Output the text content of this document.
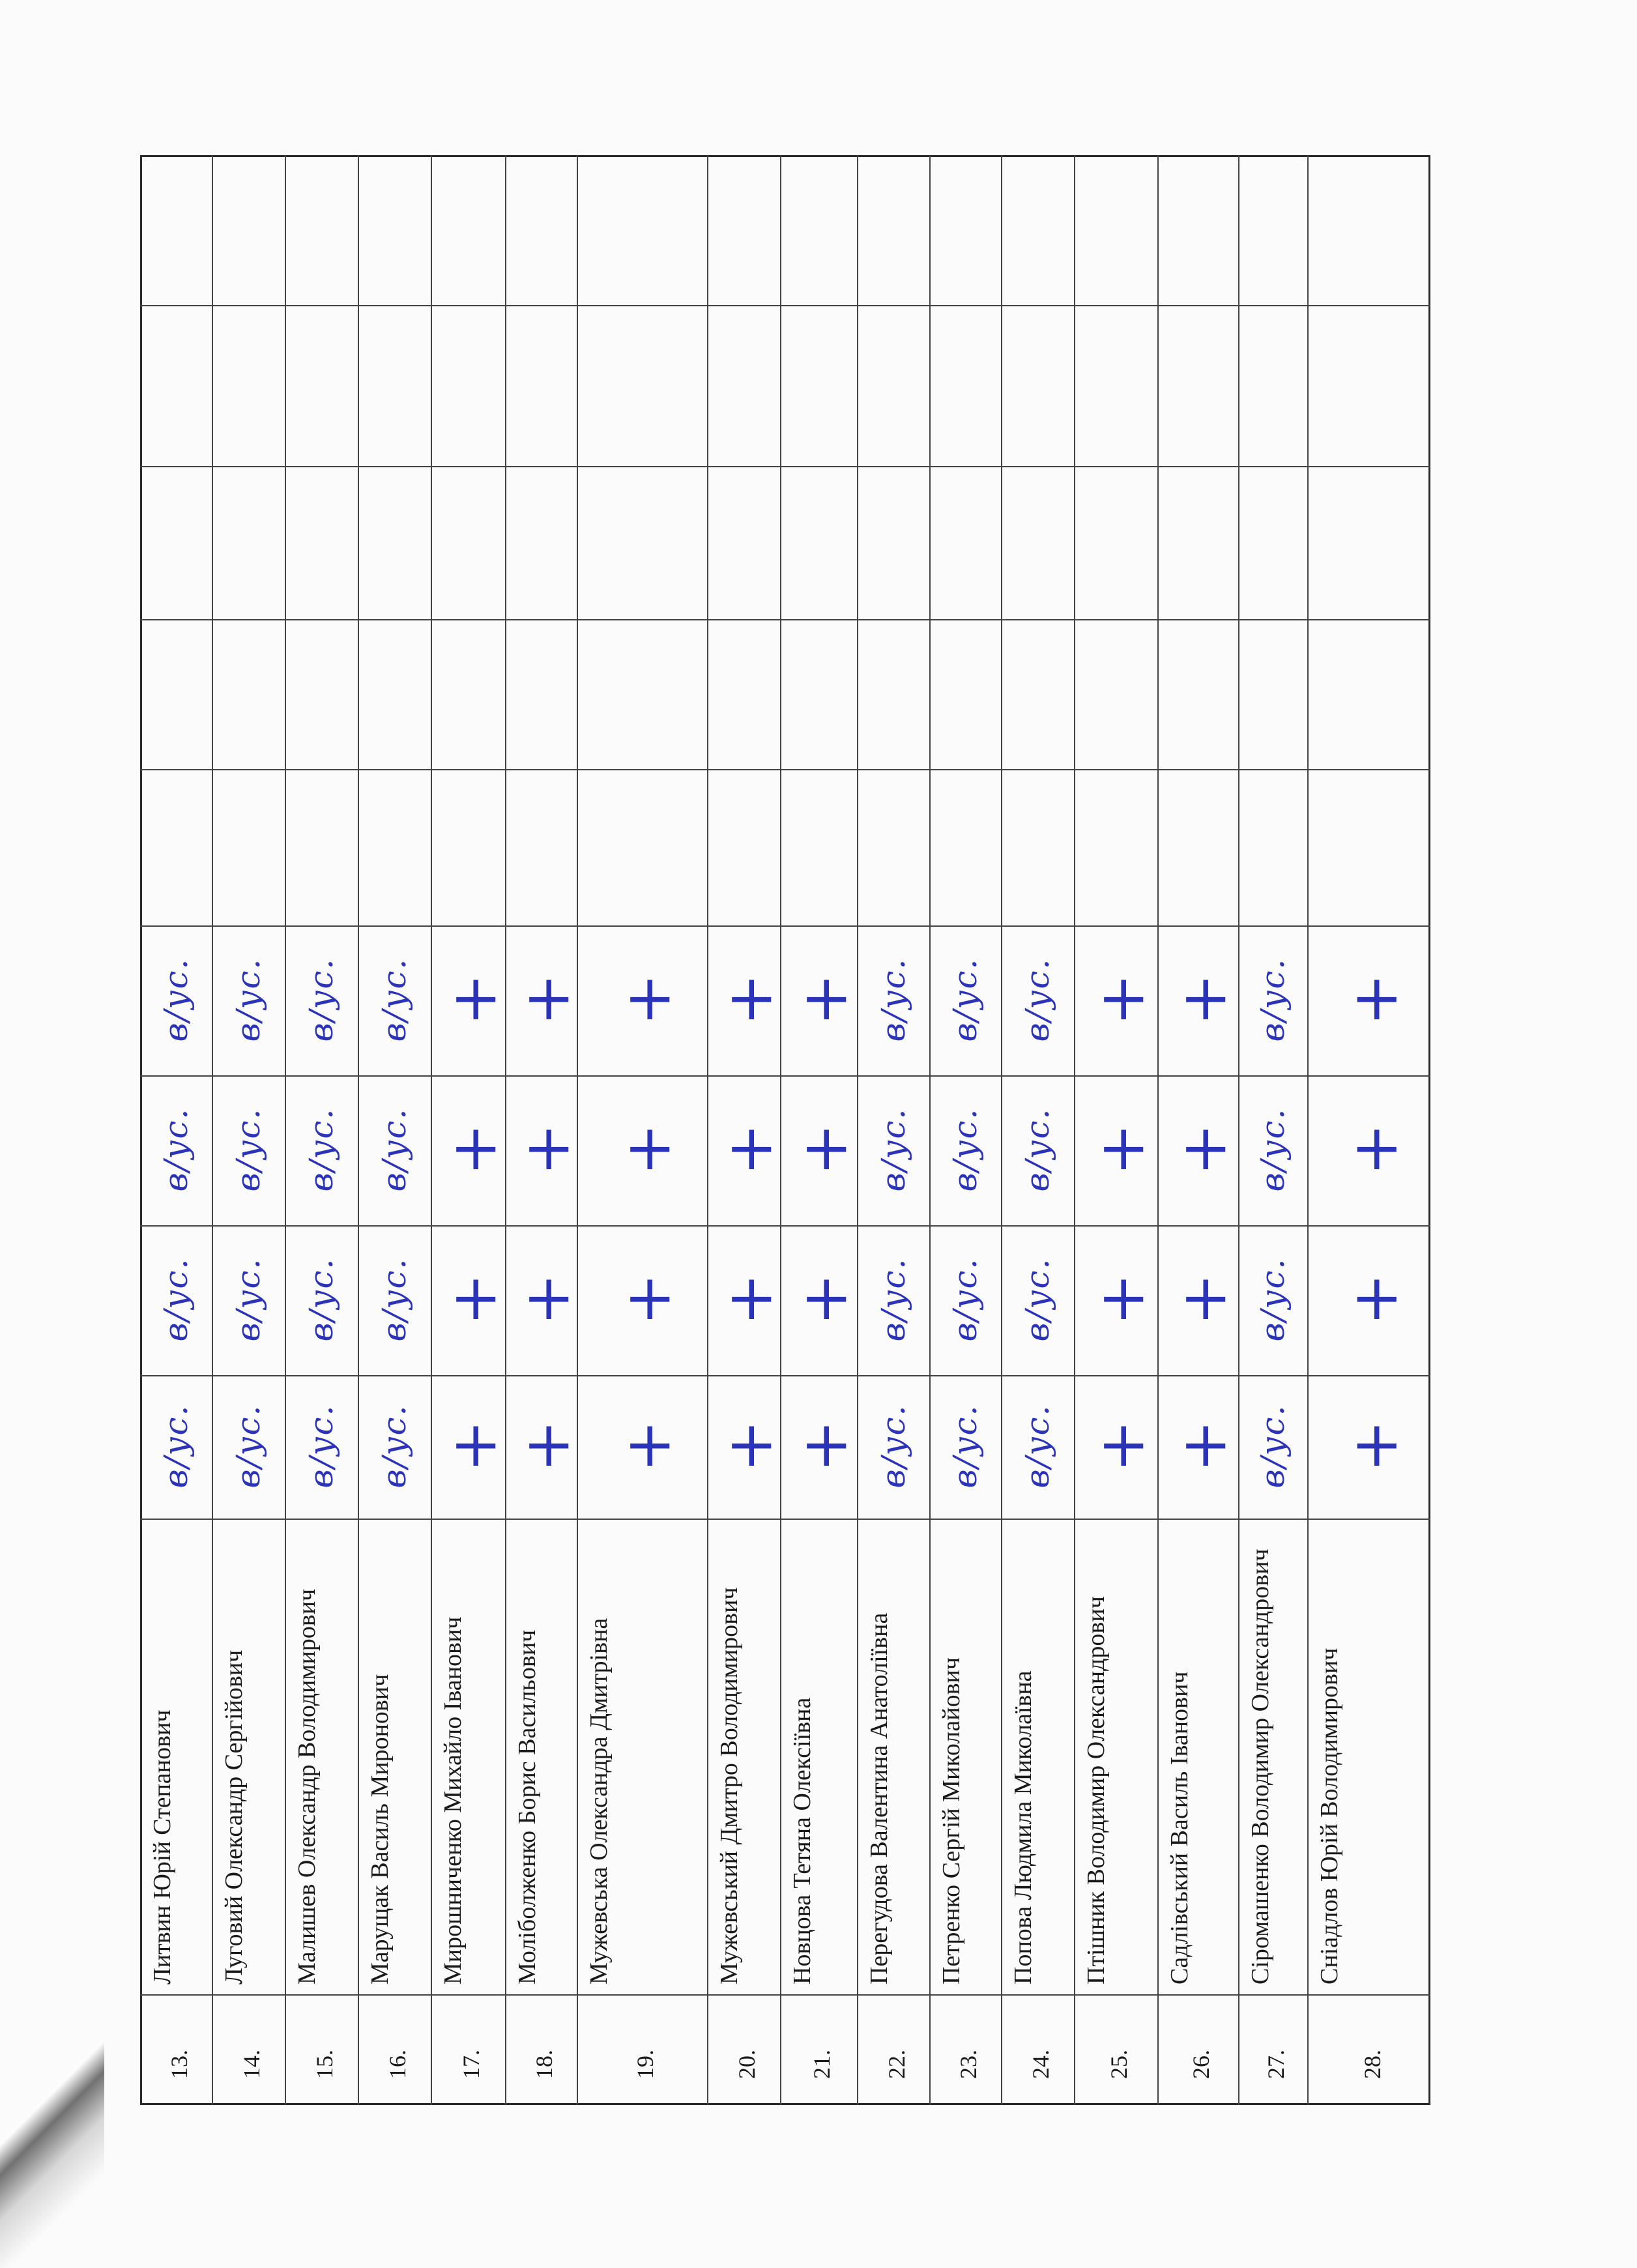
13.
Литвин Юрій Степанович
в/ус.
в/ус.
в/ус.
в/ус.
14.
Луговий Олександр Сергійович
в/ус.
в/ус.
в/ус.
в/ус.
15.
Малишев Олександр Володимирович
в/ус.
в/ус.
в/ус.
в/ус.
16.
Марущак Василь Миронович
в/ус.
в/ус.
в/ус.
в/ус.
17.
Мирошниченко Михайло Іванович
+
+
+
+
18.
Моліболженко Борис Васильович
+
+
+
+
19.
Мужевська Олександра Дмитрівна
+
+
+
+
20.
Мужевський Дмитро Володимирович
+
+
+
+
21.
Новцова Тетяна Олексіївна
+
+
+
+
22.
Перегудова Валентина Анатоліївна
в/ус.
в/ус.
в/ус.
в/ус.
23.
Петренко Сергій Миколайович
в/ус.
в/ус.
в/ус.
в/ус.
24.
Попова Людмила Миколаївна
в/ус.
в/ус.
в/ус.
в/ус.
25.
Птішник Володимир Олександрович
+
+
+
+
26.
Садлівський Василь Іванович
+
+
+
+
27.
Сіромашенко Володимир Олександрович
в/ус.
в/ус.
в/ус.
в/ус.
28.
Сніадлов Юрій Володимирович
+
+
+
+
